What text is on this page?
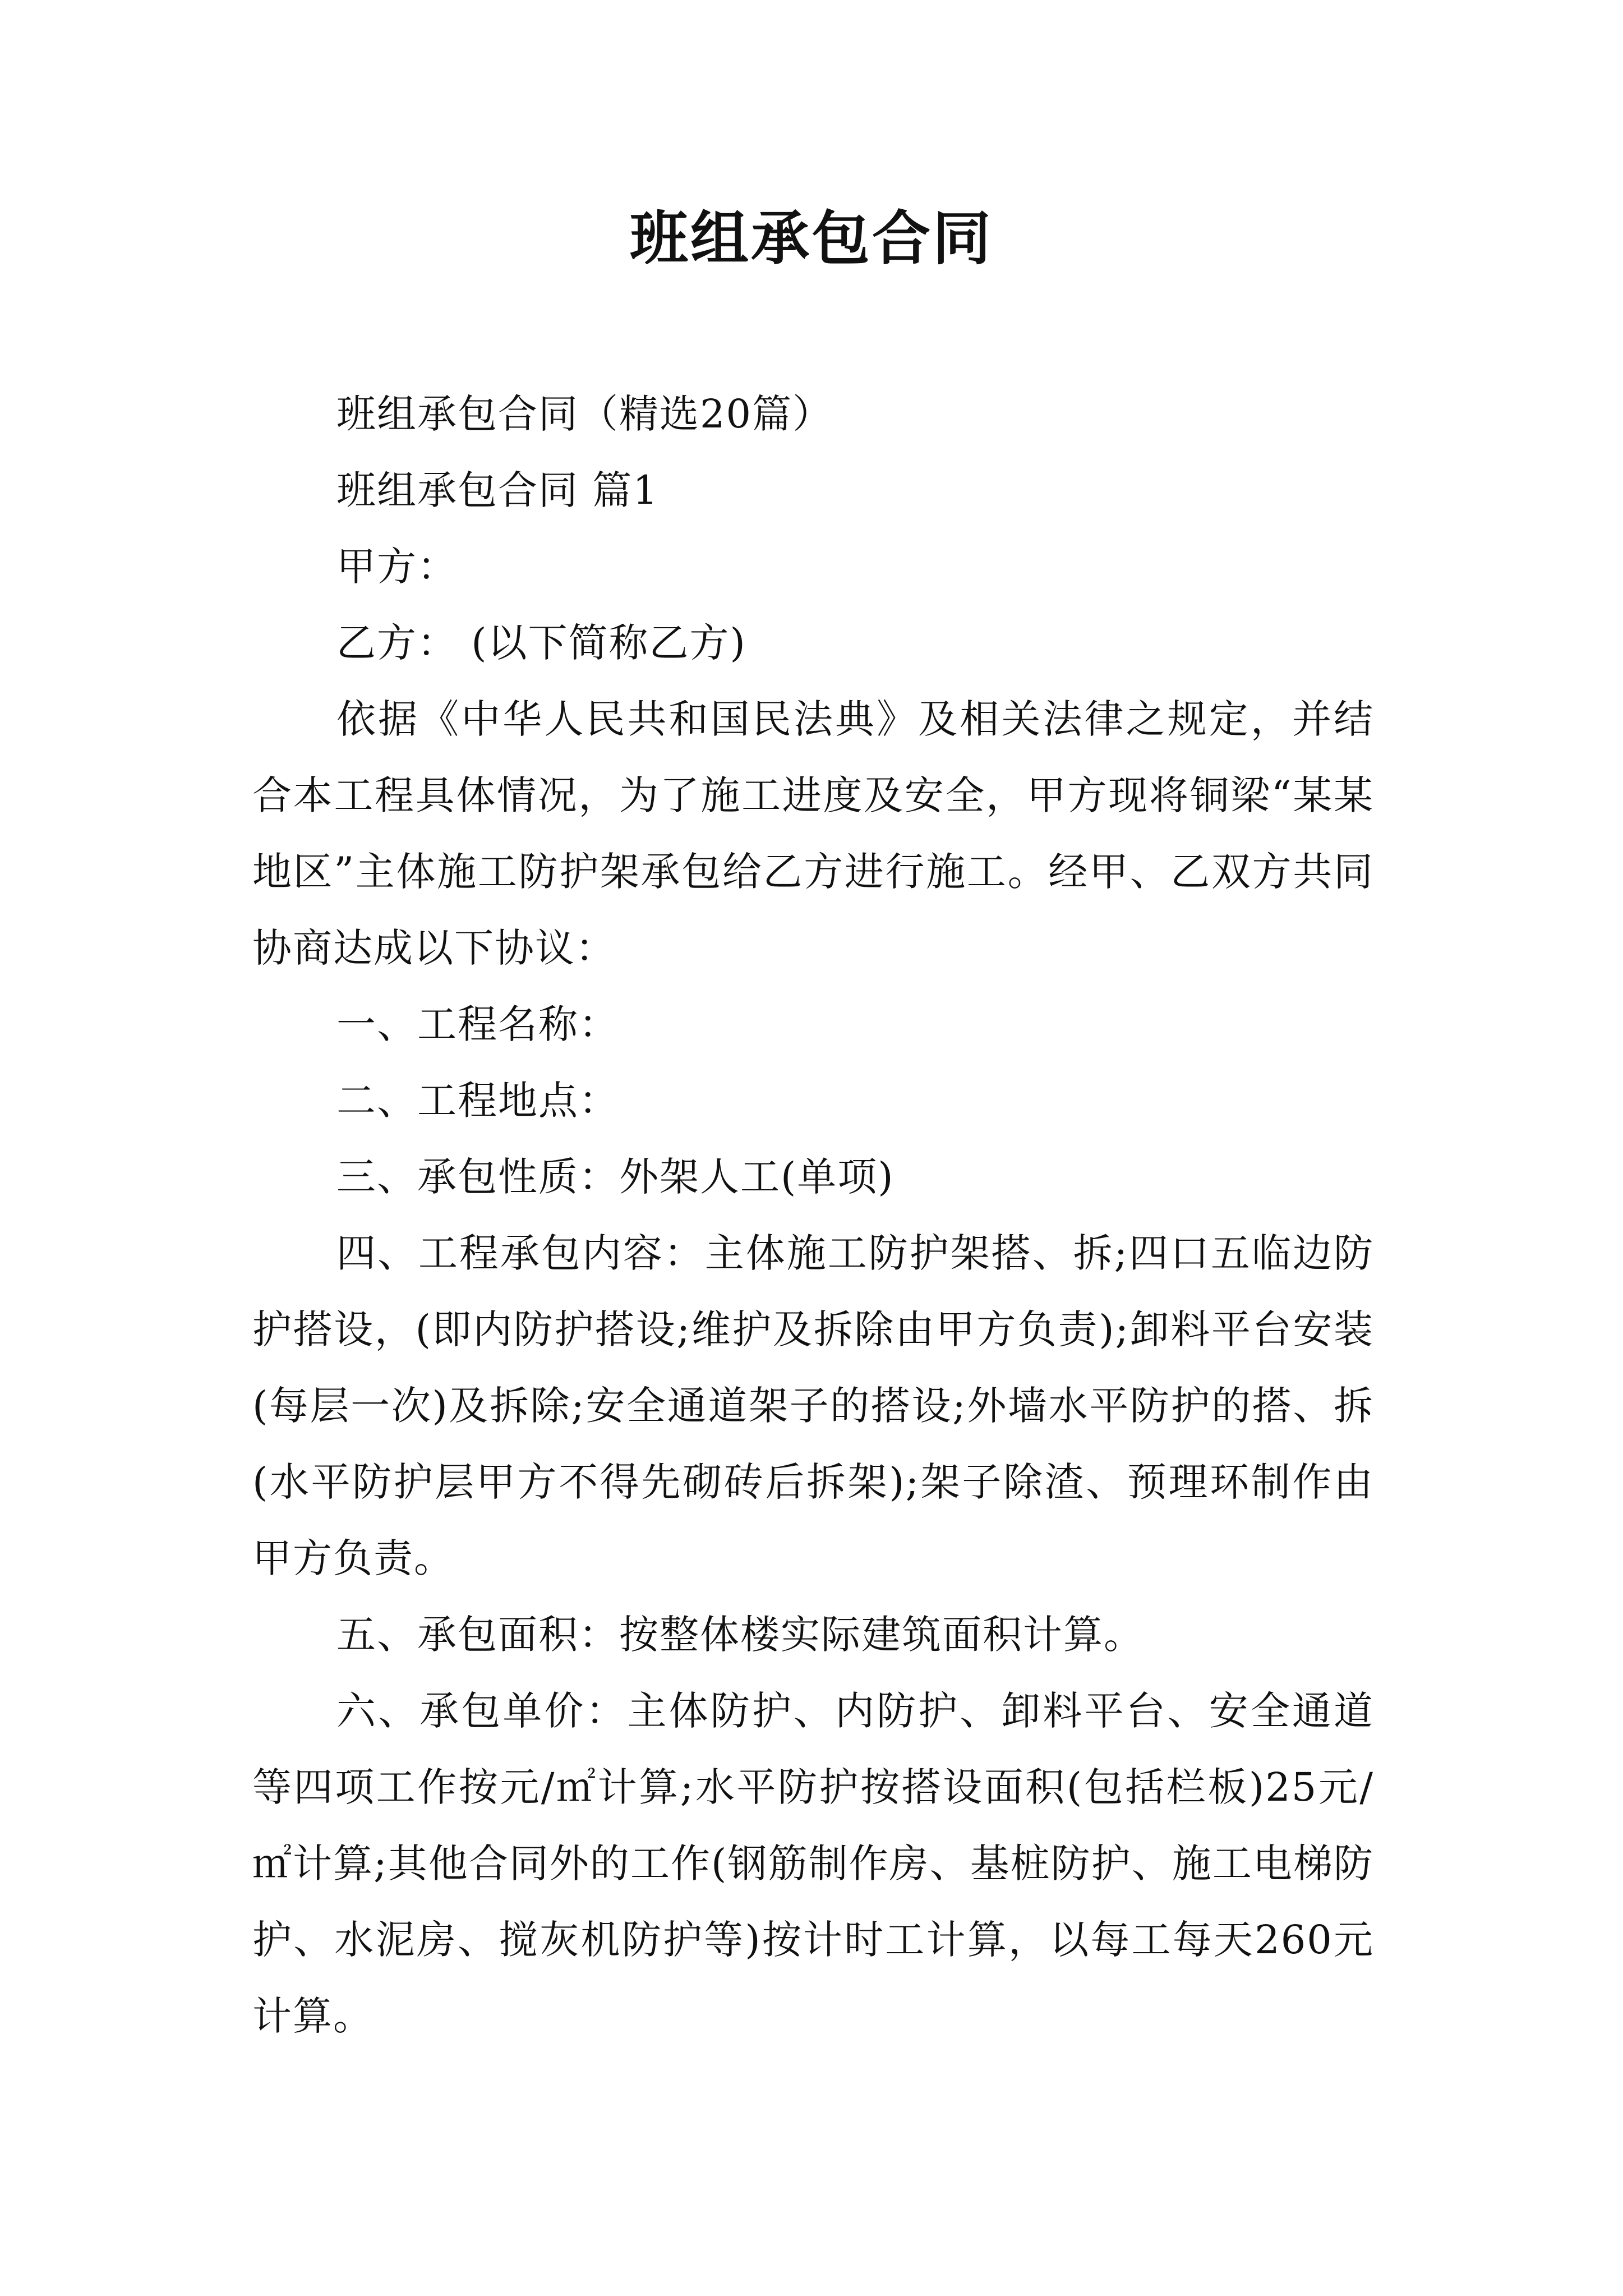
班组承包合同

班组承包合同（精选20篇）

班组承包合同 篇1

甲方：

乙方： (以下简称乙方)

依据《中华人民共和国民法典》及相关法律之规定，并结合本工程具体情况，为了施工进度及安全，甲方现将铜梁“某某地区”主体施工防护架承包给乙方进行施工。经甲、乙双方共同协商达成以下协议：

一、工程名称：

二、工程地点：

三、承包性质：外架人工(单项)

四、工程承包内容：主体施工防护架搭、拆;四口五临边防护搭设，(即内防护搭设;维护及拆除由甲方负责);卸料平台安装(每层一次)及拆除;安全通道架子的搭设;外墙水平防护的搭、拆(水平防护层甲方不得先砌砖后拆架);架子除渣、预理环制作由甲方负责。

五、承包面积：按整体楼实际建筑面积计算。

六、承包单价：主体防护、内防护、卸料平台、安全通道等四项工作按元/㎡计算;水平防护按搭设面积(包括栏板)25元/㎡计算;其他合同外的工作(钢筋制作房、基桩防护、施工电梯防护、水泥房、搅灰机防护等)按计时工计算，以每工每天260元计算。
